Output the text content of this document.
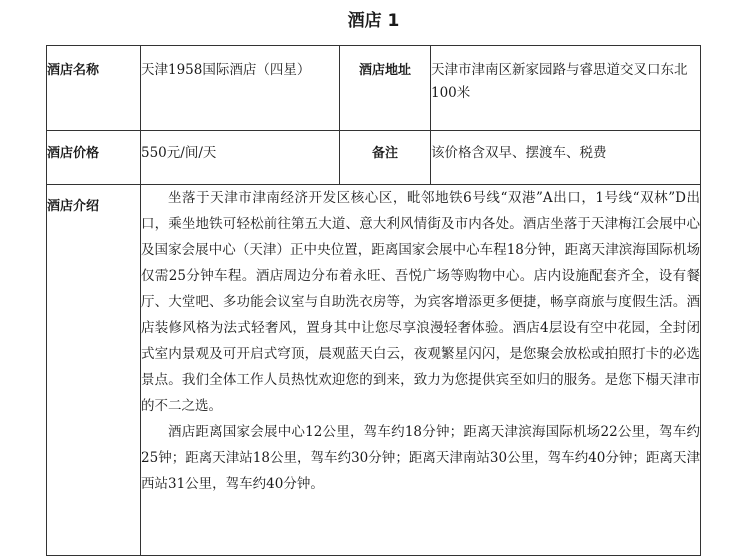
酒店 1
酒店名称	天津1958国际酒店（四星）	酒店地址	天津市津南区新家园路与睿思道交叉口东北100米
酒店价格	550元/间/天	备注	该价格含双早、摆渡车、税费
酒店介绍	坐落于天津市津南经济开发区核心区，毗邻地铁6号线“双港”A出口，1号线“双林”D出口，乘坐地铁可轻松前往第五大道、意大利风情街及市内各处。酒店坐落于天津梅江会展中心及国家会展中心（天津）正中央位置，距离国家会展中心车程18分钟，距离天津滨海国际机场仅需25分钟车程。酒店周边分布着永旺、吾悦广场等购物中心。店内设施配套齐全，设有餐厅、大堂吧、多功能会议室与自助洗衣房等，为宾客增添更多便捷，畅享商旅与度假生活。酒店装修风格为法式轻奢风，置身其中让您尽享浪漫轻奢体验。酒店4层设有空中花园，全封闭式室内景观及可开启式穹顶，晨观蓝天白云，夜观繁星闪闪，是您聚会放松或拍照打卡的必选景点。我们全体工作人员热忱欢迎您的到来，致力为您提供宾至如归的服务。是您下榻天津市的不二之选。

酒店距离国家会展中心12公里，驾车约18分钟；距离天津滨海国际机场22公里，驾车约25钟；距离天津站18公里，驾车约30分钟；距离天津南站30公里，驾车约40分钟；距离天津西站31公里，驾车约40分钟。		
